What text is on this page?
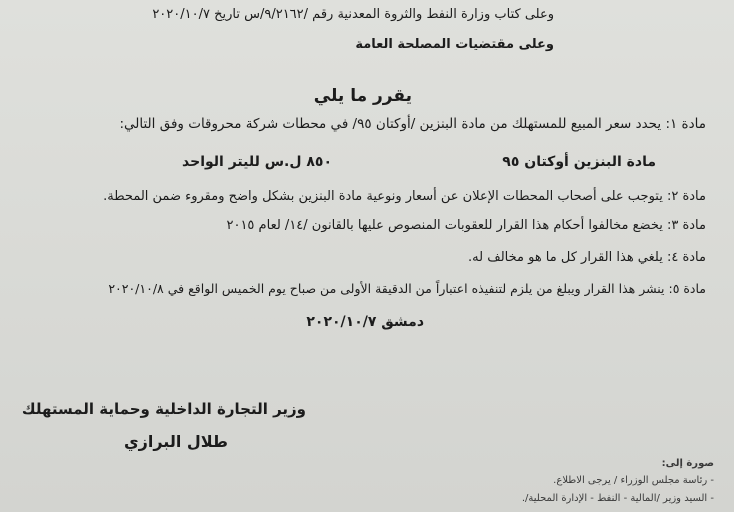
وعلى كتاب وزارة النفط والثروة المعدنية رقم /٩/٢١٦٢/س تاريخ ٢٠٢٠/١٠/٧
وعلى مقتضيات المصلحة العامة
يقرر ما يلي
مادة ١: يحدد سعر المبيع للمستهلك من مادة البنزين /أوكتان ٩٥/ في محطات شركة محروقات وفق التالي:
مادة البنزين أوكتان ٩٥
٨٥٠ ل.س لليتر الواحد
مادة ٢: يتوجب على أصحاب المحطات الإعلان عن أسعار ونوعية مادة البنزين بشكل واضح ومقروء ضمن المحطة.
مادة ٣: يخضع مخالفوا أحكام هذا القرار للعقوبات المنصوص عليها بالقانون /١٤/ لعام ٢٠١٥
مادة ٤: يلغي هذا القرار كل ما هو مخالف له.
مادة ٥: ينشر هذا القرار ويبلغ من يلزم لتنفيذه اعتباراً من الدقيقة الأولى من صباح يوم الخميس الواقع في ٢٠٢٠/١٠/٨
دمشق ٢٠٢٠/١٠/٧
وزير التجارة الداخلية وحماية المستهلك
طلال البرازي
صورة إلى:
- رئاسة مجلس الوزراء / يرجى الاطلاع.
- السيد وزير /المالية - النفط - الإدارة المحلية/.
